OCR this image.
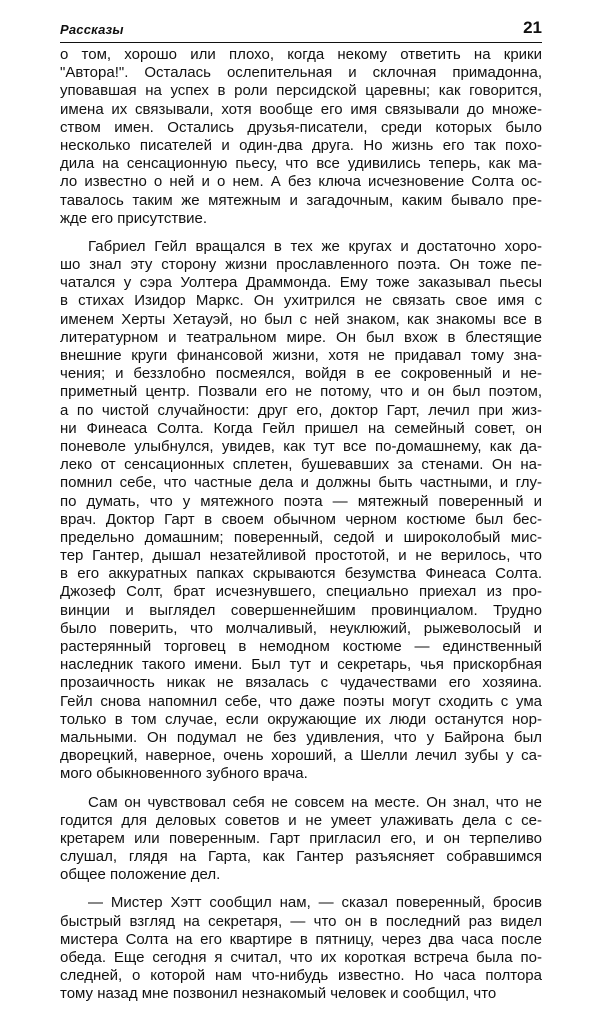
Рассказы	21
о том, хорошо или плохо, когда некому ответить на крики
"Автора!". Осталась ослепительная и склочная примадонна,
уповавшая на успех в роли персидской царевны; как говорится,
имена их связывали, хотя вообще его имя связывали до множе-
ством имен. Остались друзья-писатели, среди которых было
несколько писателей и один-два друга. Но жизнь его так похо-
дила на сенсационную пьесу, что все удивились теперь, как ма-
ло известно о ней и о нем. А без ключа исчезновение Солта ос-
тавалось таким же мятежным и загадочным, каким бывало пре-
жде его присутствие.
Габриел Гейл вращался в тех же кругах и достаточно хоро-
шо знал эту сторону жизни прославленного поэта. Он тоже пе-
чатался у сэра Уолтера Драммонда. Ему тоже заказывал пьесы
в стихах Изидор Маркс. Он ухитрился не связать свое имя с
именем Херты Хетауэй, но был с ней знаком, как знакомы все в
литературном и театральном мире. Он был вхож в блестящие
внешние круги финансовой жизни, хотя не придавал тому зна-
чения; и беззлобно посмеялся, войдя в ее сокровенный и не-
приметный центр. Позвали его не потому, что и он был поэтом,
а по чистой случайности: друг его, доктор Гарт, лечил при жиз-
ни Финеаса Солта. Когда Гейл пришел на семейный совет, он
поневоле улыбнулся, увидев, как тут все по-домашнему, как да-
леко от сенсационных сплетен, бушевавших за стенами. Он на-
помнил себе, что частные дела и должны быть частными, и глу-
по думать, что у мятежного поэта — мятежный поверенный и
врач. Доктор Гарт в своем обычном черном костюме был бес-
предельно домашним; поверенный, седой и широколобый мис-
тер Гантер, дышал незатейливой простотой, и не верилось, что
в его аккуратных папках скрываются безумства Финеаса Солта.
Джозеф Солт, брат исчезнувшего, специально приехал из про-
винции и выглядел совершеннейшим провинциалом. Трудно
было поверить, что молчаливый, неуклюжий, рыжеволосый и
растерянный торговец в немодном костюме — единственный
наследник такого имени. Был тут и секретарь, чья прискорбная
прозаичность никак не вязалась с чудачествами его хозяина.
Гейл снова напомнил себе, что даже поэты могут сходить с ума
только в том случае, если окружающие их люди останутся нор-
мальными. Он подумал не без удивления, что у Байрона был
дворецкий, наверное, очень хороший, а Шелли лечил зубы у са-
мого обыкновенного зубного врача.
Сам он чувствовал себя не совсем на месте. Он знал, что не
годится для деловых советов и не умеет улаживать дела с се-
кретарем или поверенным. Гарт пригласил его, и он терпеливо
слушал, глядя на Гарта, как Гантер разъясняет собравшимся
общее положение дел.
— Мистер Хэтт сообщил нам, — сказал поверенный, бросив
быстрый взгляд на секретаря, — что он в последний раз видел
мистера Солта на его квартире в пятницу, через два часа после
обеда. Еще сегодня я считал, что их короткая встреча была по-
следней, о которой нам что-нибудь известно. Но часа полтора
тому назад мне позвонил незнакомый человек и сообщил, что
